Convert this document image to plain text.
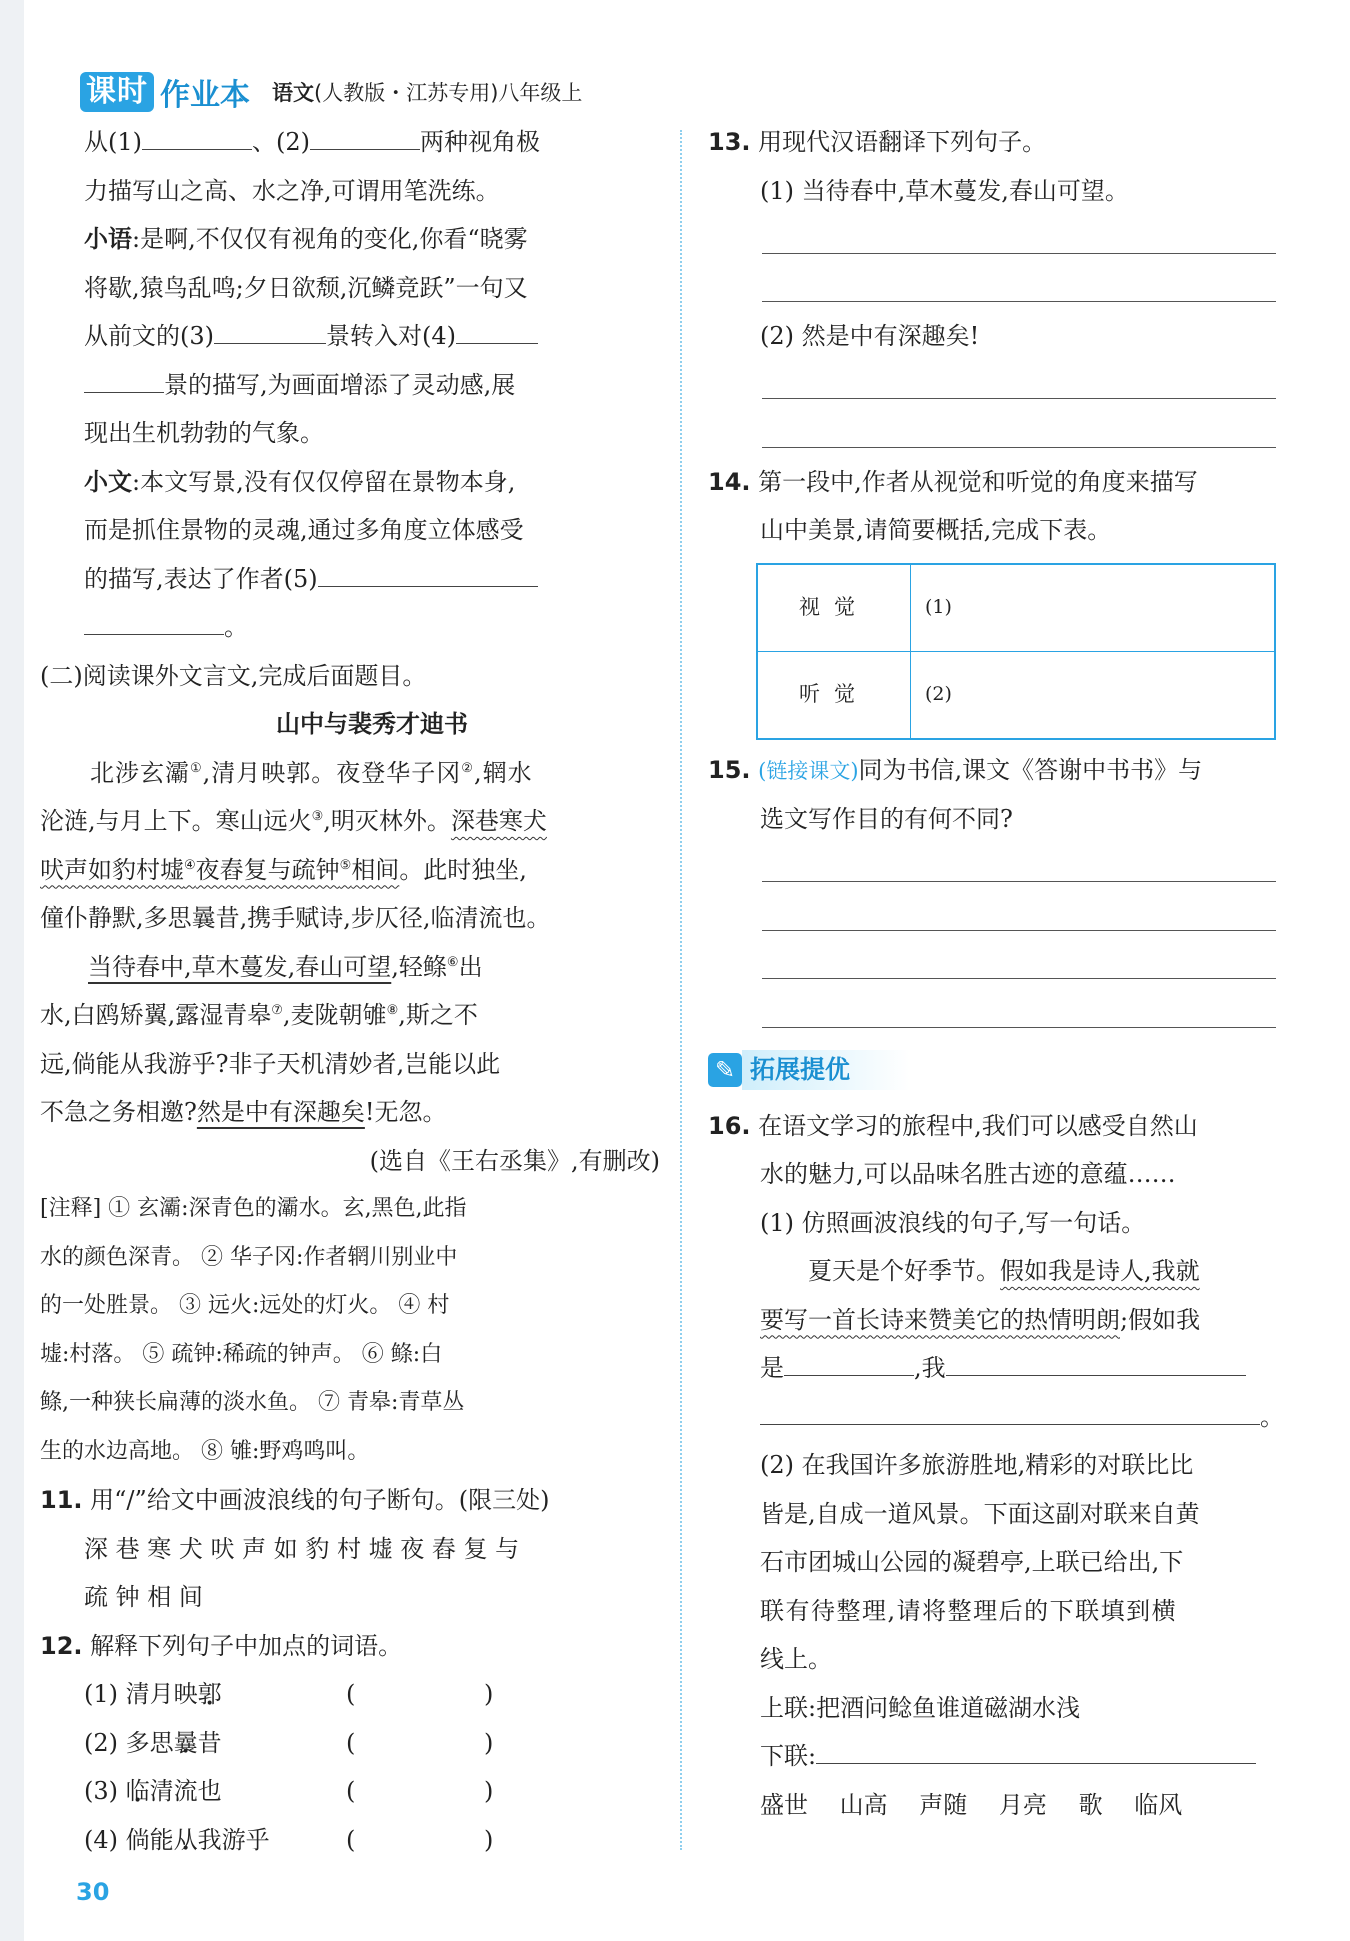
课时 作业本 语文(人教版・江苏专用)八年级上
从(1)	、(2)	两种视角极
力描写山之高、水之净,可谓用笔洗练。
小语:是啊,不仅仅有视角的变化,你看“晓雾
将歇,猿鸟乱鸣;夕日欲颓,沉鳞竞跃”一句又
从前文的(3)	景转入对(4)
景的描写,为画面增添了灵动感,展
现出生机勃勃的气象。
小文:本文写景,没有仅仅停留在景物本身,
而是抓住景物的灵魂,通过多角度立体感受
的描写,表达了作者(5)
。
(二)阅读课外文言文,完成后面题目。
山中与裴秀才迪书
　　北涉玄灞①,清月映郭。夜登华子冈②,辋水
沦涟,与月上下。寒山远火③,明灭林外。深巷寒犬
吠声如豹村墟④夜舂复与疏钟⑤相间。此时独坐,
僮仆静默,多思曩昔,携手赋诗,步仄径,临清流也。
　　当待春中,草木蔓发,春山可望,轻鲦⑥出
水,白鸥矫翼,露湿青皋⑦,麦陇朝雊⑧,斯之不
远,倘能从我游乎?非子天机清妙者,岂能以此
不急之务相邀?然是中有深趣矣!无忽。
(选自《王右丞集》,有删改)
[注释] ① 玄灞:深青色的灞水。玄,黑色,此指
水的颜色深青。 ② 华子冈:作者辋川别业中
的一处胜景。 ③ 远火:远处的灯火。 ④ 村
墟:村落。 ⑤ 疏钟:稀疏的钟声。 ⑥ 鲦:白
鲦,一种狭长扁薄的淡水鱼。 ⑦ 青皋:青草丛
生的水边高地。 ⑧ 雊:野鸡鸣叫。
11. 用“/”给文中画波浪线的句子断句。(限三处)
深 巷 寒 犬 吠 声 如 豹 村 墟 夜 舂 复 与
疏 钟 相 间
12. 解释下列句子中加点的词语。
(1) 清月映郭	(	)
(2) 多思曩昔	(	)
(3) 临清流也	(	)
(4) 倘能从我游乎	(	)
13. 用现代汉语翻译下列句子。
(1) 当待春中,草木蔓发,春山可望。
(2) 然是中有深趣矣!
14. 第一段中,作者从视觉和听觉的角度来描写
山中美景,请简要概括,完成下表。
视觉	(1)
听觉	(2)
15. (链接课文)同为书信,课文《答谢中书书》与
选文写作目的有何不同?
✎
拓展提优
16. 在语文学习的旅程中,我们可以感受自然山
水的魅力,可以品味名胜古迹的意蕴……
(1) 仿照画波浪线的句子,写一句话。
夏天是个好季节。假如我是诗人,我就
要写一首长诗来赞美它的热情明朗;假如我
是	,我
。
(2) 在我国许多旅游胜地,精彩的对联比比
皆是,自成一道风景。下面这副对联来自黄
石市团城山公园的凝碧亭,上联已给出,下
联有待整理,请将整理后的下联填到横
线上。
上联:把酒问鲶鱼谁道磁湖水浅
下联:
盛世　 山高　 声随　 月亮　 歌　 临风
30
